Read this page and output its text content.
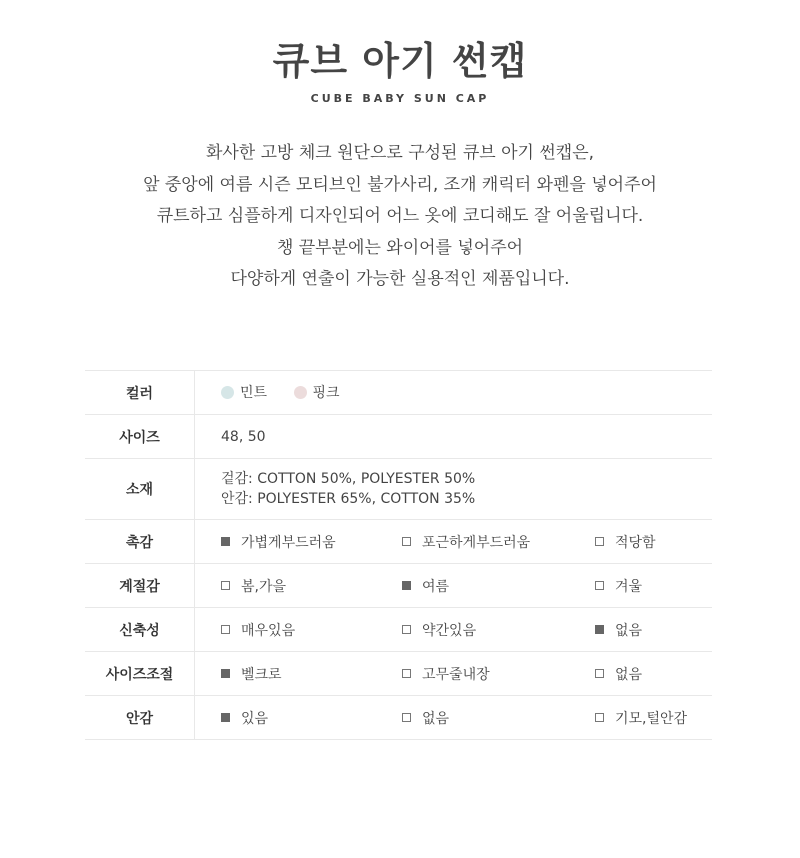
큐브 아기 썬캡
CUBE BABY SUN CAP
화사한 고방 체크 원단으로 구성된 큐브 아기 썬캡은,
앞 중앙에 여름 시즌 모티브인 불가사리, 조개 캐릭터 와펜을 넣어주어
큐트하고 심플하게 디자인되어 어느 옷에 코디해도 잘 어울립니다.
챙 끝부분에는 와이어를 넣어주어
다양하게 연출이 가능한 실용적인 제품입니다.
컬러	민트
핑크

사이즈	48, 50
소재	겉감: COTTON 50%, POLYESTER 50%
안감: POLYESTER 65%, COTTON 35%

촉감	가볍게부드러움 포근하게부드러움 적당함

계절감	봄,가을 여름 겨울

신축성	매우있음 약간있음 없음

사이즈조절	벨크로 고무줄내장 없음

안감	있음 없음 기모,털안감
